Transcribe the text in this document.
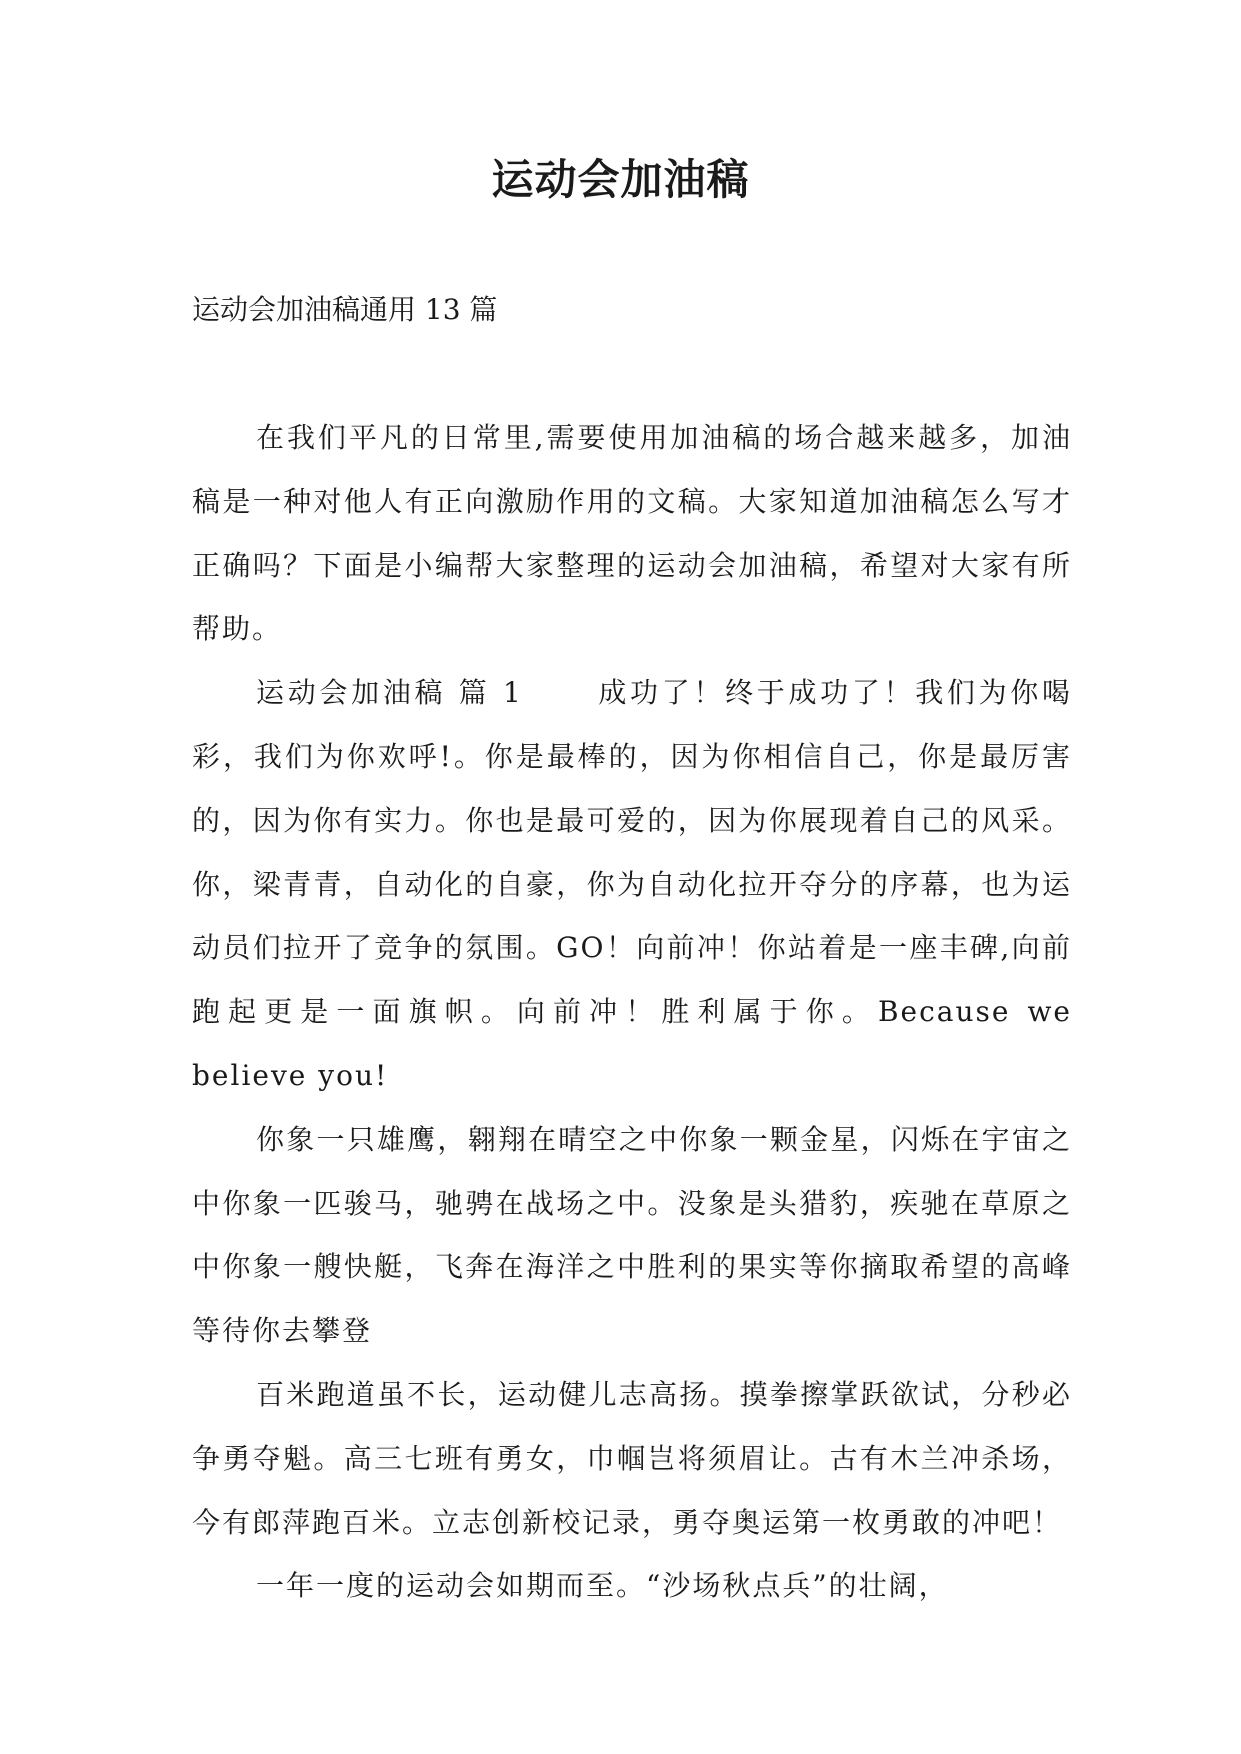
运动会加油稿

运动会加油稿通用 13 篇

在我们平凡的日常里,需要使用加油稿的场合越来越多，加油稿是一种对他人有正向激励作用的文稿。大家知道加油稿怎么写才正确吗？下面是小编帮大家整理的运动会加油稿，希望对大家有所帮助。

运动会加油稿 篇 1	成功了！终于成功了！我们为你喝彩，我们为你欢呼!。你是最棒的，因为你相信自己，你是最厉害的，因为你有实力。你也是最可爱的，因为你展现着自己的风采。你，梁青青，自动化的自豪，你为自动化拉开夺分的序幕，也为运动员们拉开了竞争的氛围。GO！向前冲！你站着是一座丰碑,向前跑起更是一面旗帜。向前冲！胜利属于你。Because we believe you!

你象一只雄鹰，翱翔在晴空之中你象一颗金星，闪烁在宇宙之中你象一匹骏马，驰骋在战场之中。没象是头猎豹，疾驰在草原之中你象一艘快艇，飞奔在海洋之中胜利的果实等你摘取希望的高峰等待你去攀登

百米跑道虽不长，运动健儿志高扬。摸拳擦掌跃欲试，分秒必争勇夺魁。高三七班有勇女，巾帼岂将须眉让。古有木兰冲杀场，今有郎萍跑百米。立志创新校记录，勇夺奥运第一枚勇敢的冲吧！

一年一度的运动会如期而至。“沙场秋点兵”的壮阔，
